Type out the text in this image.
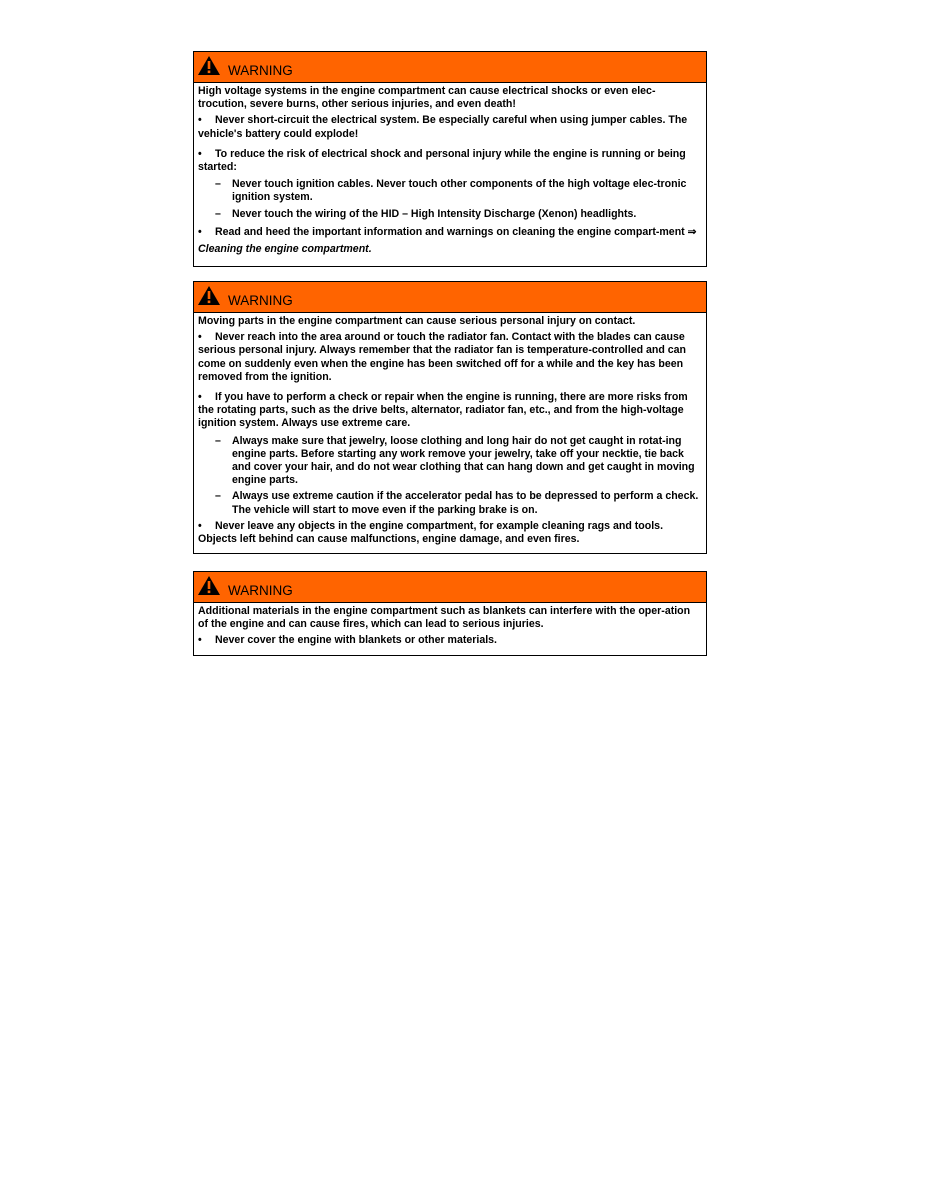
WARNING
High voltage systems in the engine compartment can cause electrical shocks or even elec-trocution, severe burns, other serious injuries, and even death!
• Never short-circuit the electrical system. Be especially careful when using jumper cables. The vehicle's battery could explode!
• To reduce the risk of electrical shock and personal injury while the engine is running or being started:
– Never touch ignition cables. Never touch other components of the high voltage elec-tronic ignition system.
– Never touch the wiring of the HID – High Intensity Discharge (Xenon) headlights.
• Read and heed the important information and warnings on cleaning the engine compart-ment ⇒ Cleaning the engine compartment.
WARNING
Moving parts in the engine compartment can cause serious personal injury on contact.
• Never reach into the area around or touch the radiator fan. Contact with the blades can cause serious personal injury. Always remember that the radiator fan is temperature-controlled and can come on suddenly even when the engine has been switched off for a while and the key has been removed from the ignition.
• If you have to perform a check or repair when the engine is running, there are more risks from the rotating parts, such as the drive belts, alternator, radiator fan, etc., and from the high-voltage ignition system. Always use extreme care.
– Always make sure that jewelry, loose clothing and long hair do not get caught in rotat-ing engine parts. Before starting any work remove your jewelry, take off your necktie, tie back and cover your hair, and do not wear clothing that can hang down and get caught in moving engine parts.
– Always use extreme caution if the accelerator pedal has to be depressed to perform a check. The vehicle will start to move even if the parking brake is on.
• Never leave any objects in the engine compartment, for example cleaning rags and tools. Objects left behind can cause malfunctions, engine damage, and even fires.
WARNING
Additional materials in the engine compartment such as blankets can interfere with the oper-ation of the engine and can cause fires, which can lead to serious injuries.
• Never cover the engine with blankets or other materials.
